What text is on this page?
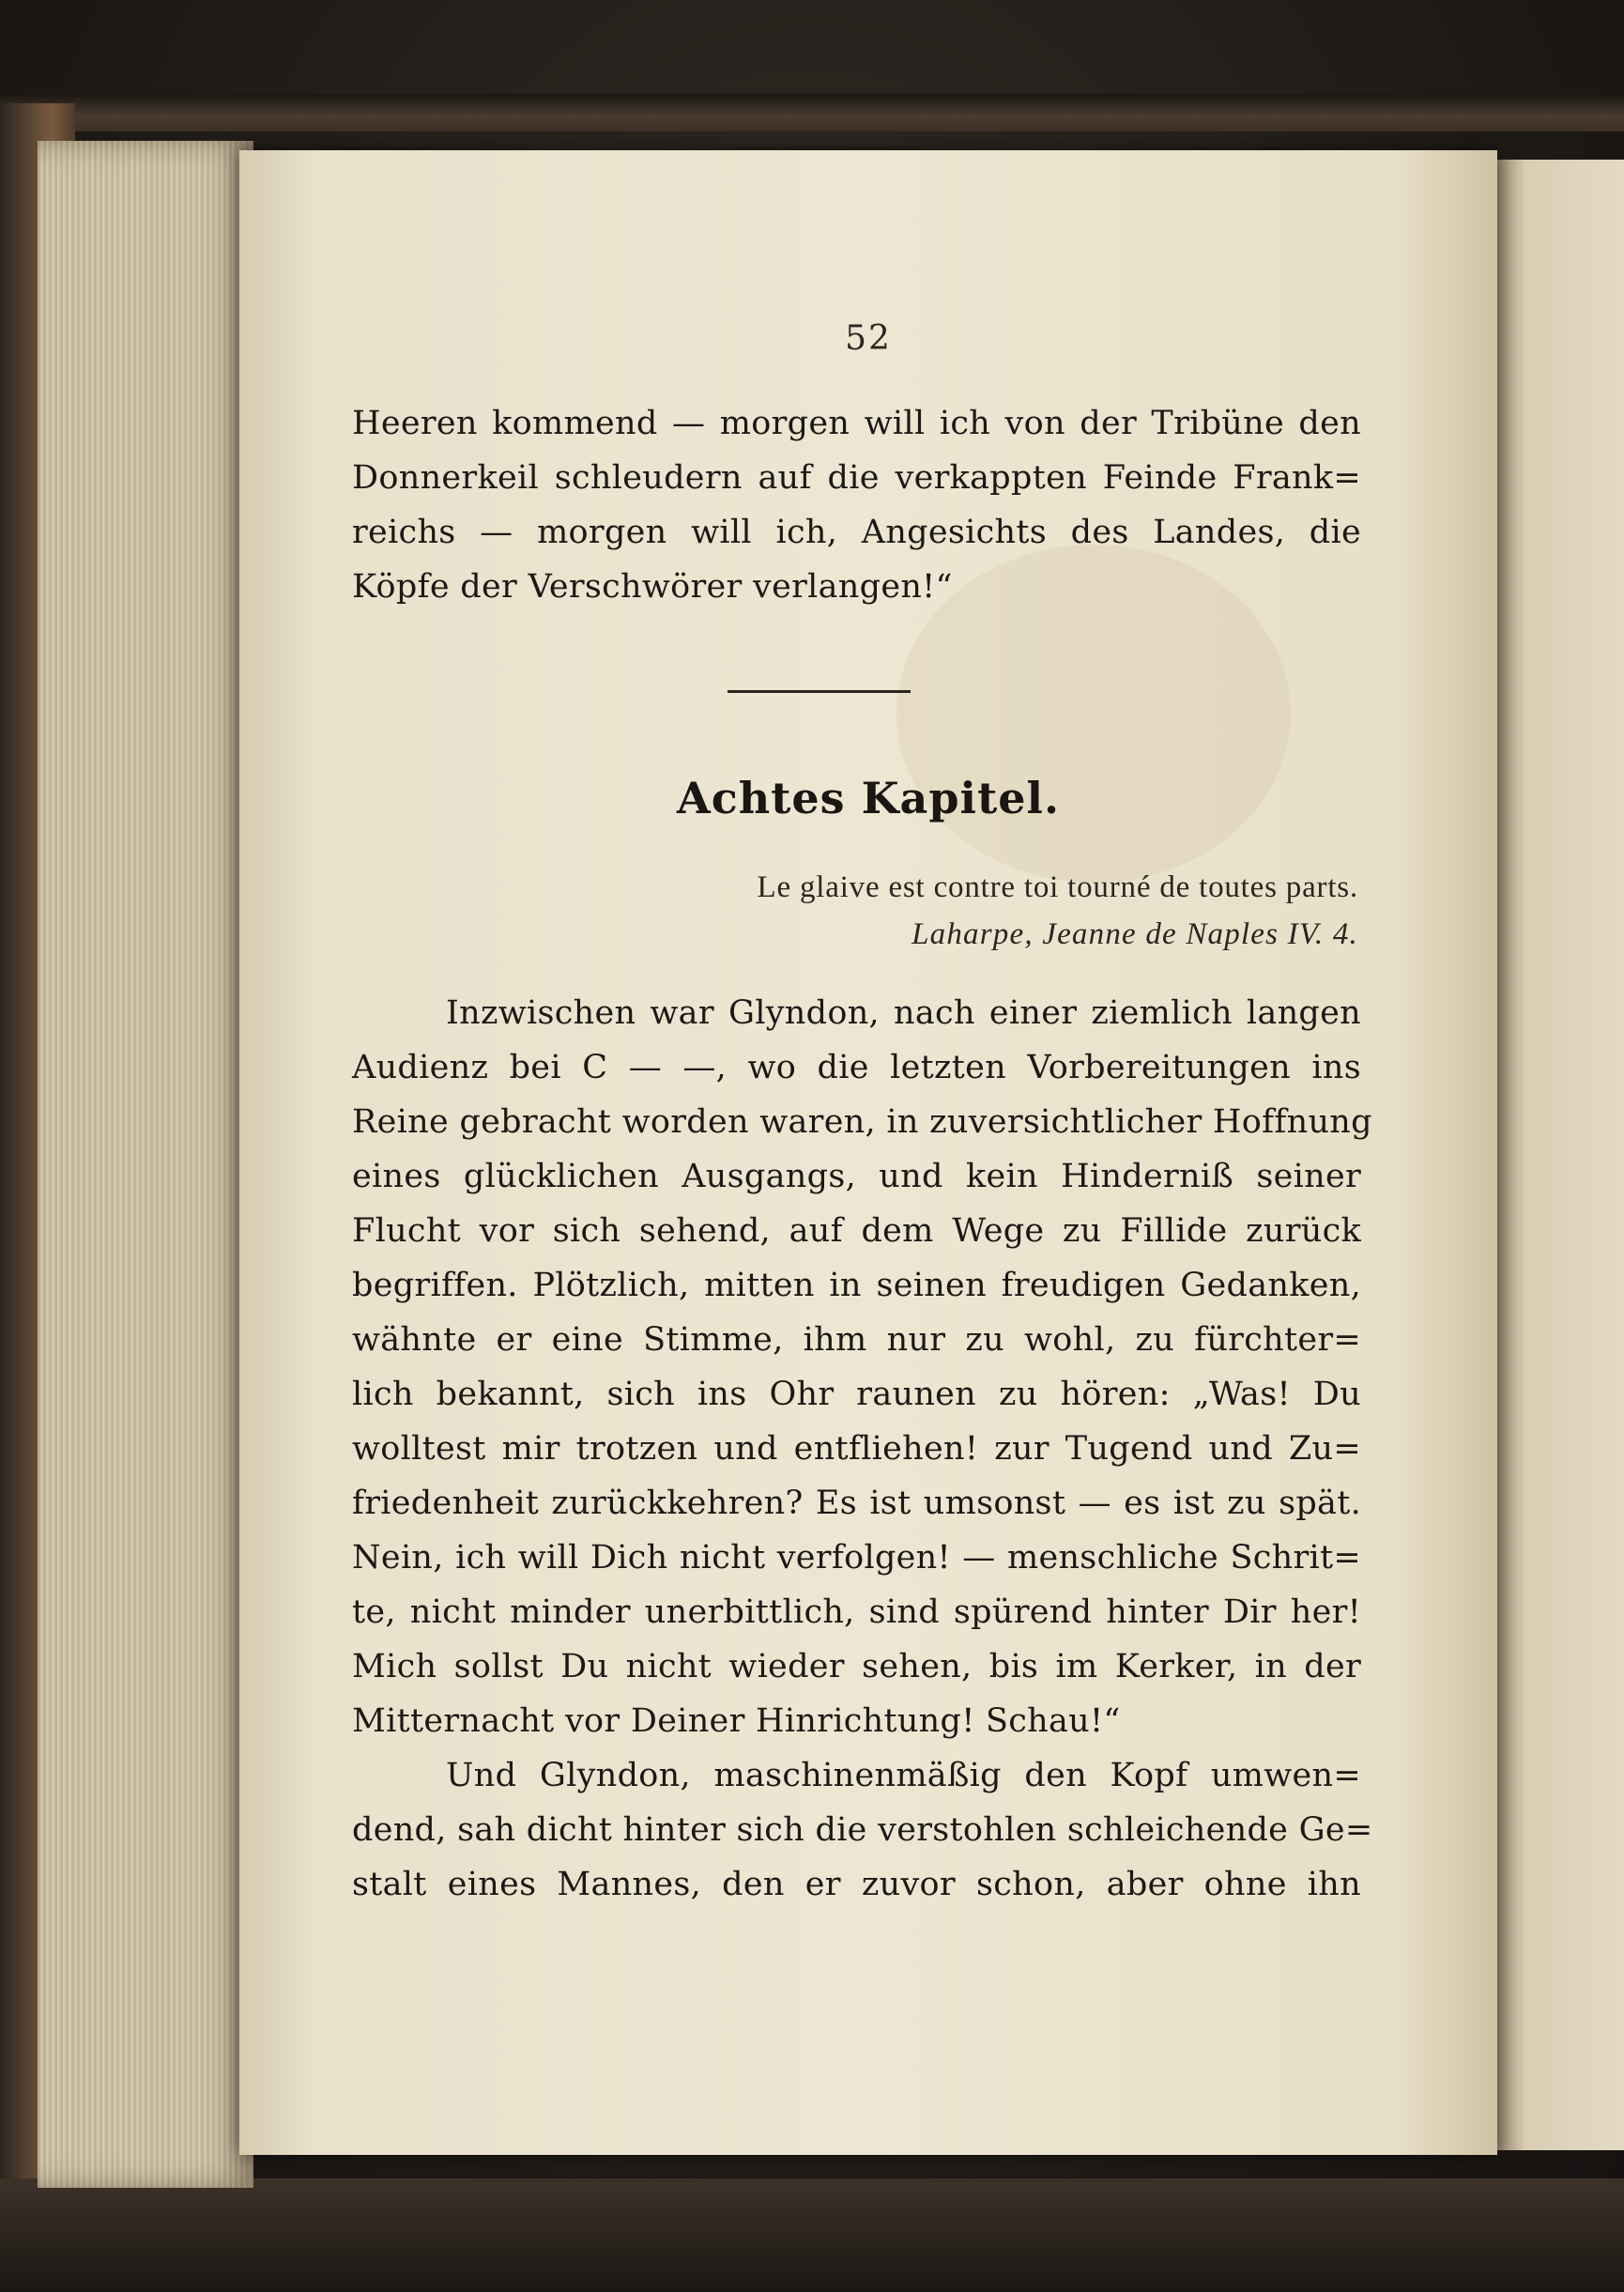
52
Heeren kommend — morgen will ich von der Tribüne den
Donnerkeil schleudern auf die verkappten Feinde Frank=
reichs — morgen will ich, Angesichts des Landes, die
Köpfe der Verschwörer verlangen!“
Achtes Kapitel.
Le glaive est contre toi tourné de toutes parts.
Laharpe, Jeanne de Naples IV. 4.
Inzwischen war Glyndon, nach einer ziemlich langen
Audienz bei C — —, wo die letzten Vorbereitungen ins
Reine gebracht worden waren, in zuversichtlicher Hoffnung
eines glücklichen Ausgangs, und kein Hinderniß seiner
Flucht vor sich sehend, auf dem Wege zu Fillide zurück
begriffen. Plötzlich, mitten in seinen freudigen Gedanken,
wähnte er eine Stimme, ihm nur zu wohl, zu fürchter=
lich bekannt, sich ins Ohr raunen zu hören: „Was! Du
wolltest mir trotzen und entfliehen! zur Tugend und Zu=
friedenheit zurückkehren? Es ist umsonst — es ist zu spät.
Nein, ich will Dich nicht verfolgen! — menschliche Schrit=
te, nicht minder unerbittlich, sind spürend hinter Dir her!
Mich sollst Du nicht wieder sehen, bis im Kerker, in der
Mitternacht vor Deiner Hinrichtung! Schau!“
Und Glyndon, maschinenmäßig den Kopf umwen=
dend, sah dicht hinter sich die verstohlen schleichende Ge=
stalt eines Mannes, den er zuvor schon, aber ohne ihn
